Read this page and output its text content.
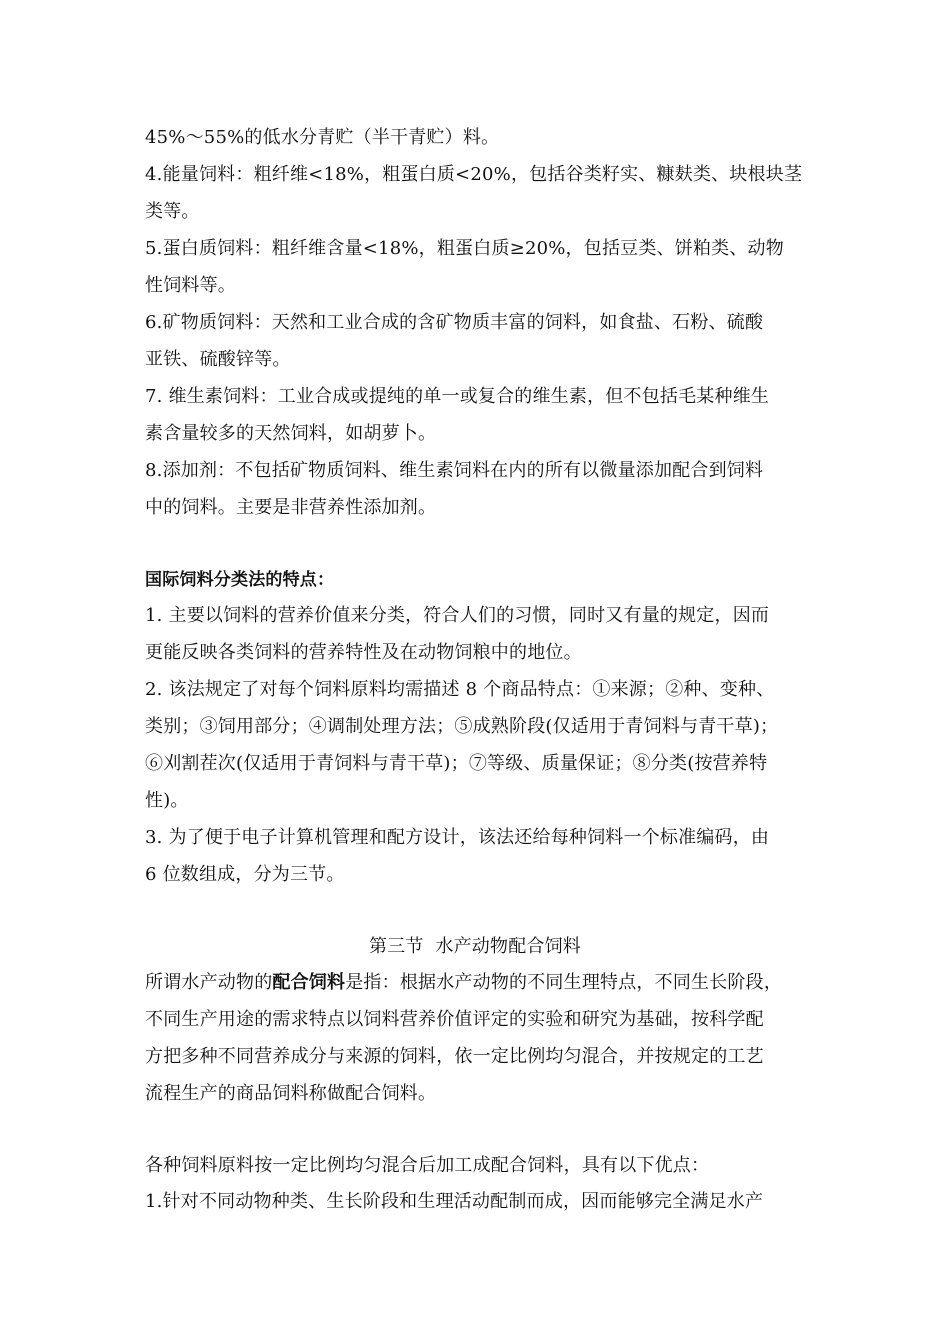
45%～55%的低水分青贮（半干青贮）料。
4.能量饲料：粗纤维<18%，粗蛋白质<20%，包括谷类籽实、糠麸类、块根块茎
类等。
5.蛋白质饲料：粗纤维含量<18%，粗蛋白质≥20%，包括豆类、饼粕类、动物
性饲料等。
6.矿物质饲料：天然和工业合成的含矿物质丰富的饲料，如食盐、石粉、硫酸
亚铁、硫酸锌等。
7. 维生素饲料：工业合成或提纯的单一或复合的维生素，但不包括毛某种维生
素含量较多的天然饲料，如胡萝卜。
8.添加剂：不包括矿物质饲料、维生素饲料在内的所有以微量添加配合到饲料
中的饲料。主要是非营养性添加剂。
国际饲料分类法的特点：
1. 主要以饲料的营养价值来分类，符合人们的习惯，同时又有量的规定，因而
更能反映各类饲料的营养特性及在动物饲粮中的地位。
2. 该法规定了对每个饲料原料均需描述 8 个商品特点：①来源；②种、变种、
类别；③饲用部分；④调制处理方法；⑤成熟阶段(仅适用于青饲料与青干草)；
⑥刈割茬次(仅适用于青饲料与青干草)；⑦等级、质量保证；⑧分类(按营养特
性)。
3. 为了便于电子计算机管理和配方设计，该法还给每种饲料一个标准编码，由
6 位数组成，分为三节。
第三节  水产动物配合饲料
所谓水产动物的配合饲料是指：根据水产动物的不同生理特点，不同生长阶段，
不同生产用途的需求特点以饲料营养价值评定的实验和研究为基础，按科学配
方把多种不同营养成分与来源的饲料，依一定比例均匀混合，并按规定的工艺
流程生产的商品饲料称做配合饲料。
各种饲料原料按一定比例均匀混合后加工成配合饲料，具有以下优点：
1.针对不同动物种类、生长阶段和生理活动配制而成，因而能够完全满足水产
